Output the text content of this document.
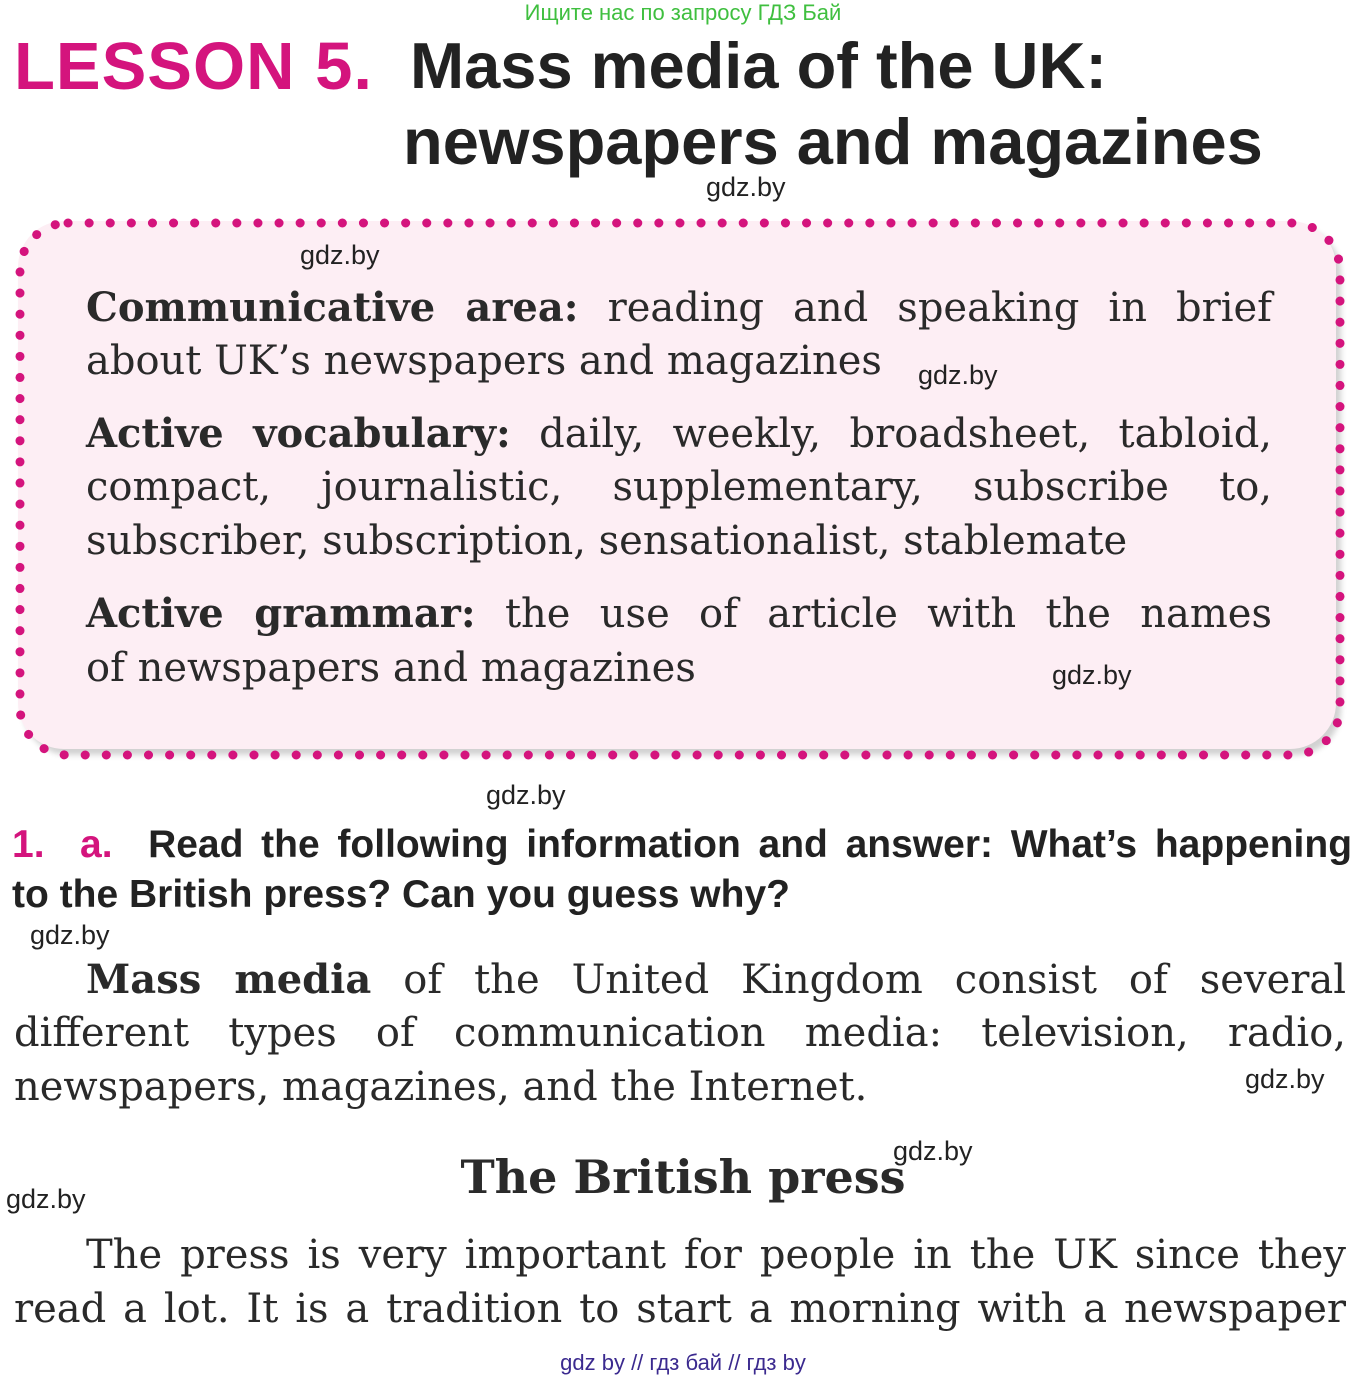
Ищите нас по запросу ГДЗ Бай
LESSON 5. Mass media of the UK:
newspapers and magazines
gdz.by
gdz.by
Communicative area: reading and speaking in brief
about UK’s newspapers and magazines	gdz.by
Active vocabulary: daily, weekly, broadsheet, tabloid,
compact, journalistic, supplementary, subscribe to,
subscriber, subscription, sensationalist, stablemate
Active grammar: the use of article with the names
of newspapers and magazines	gdz.by
gdz.by
1. a. Read the following information and answer: What’s happening
to the British press? Can you guess why?
gdz.by
Mass media of the United Kingdom consist of several
different types of communication media: television, radio,
newspapers, magazines, and the Internet.	gdz.by
The British press
gdz.by
gdz.by
The press is very important for people in the UK since they
read a lot. It is a tradition to start a morning with a newspaper
gdz by // гдз бай // гдз by
